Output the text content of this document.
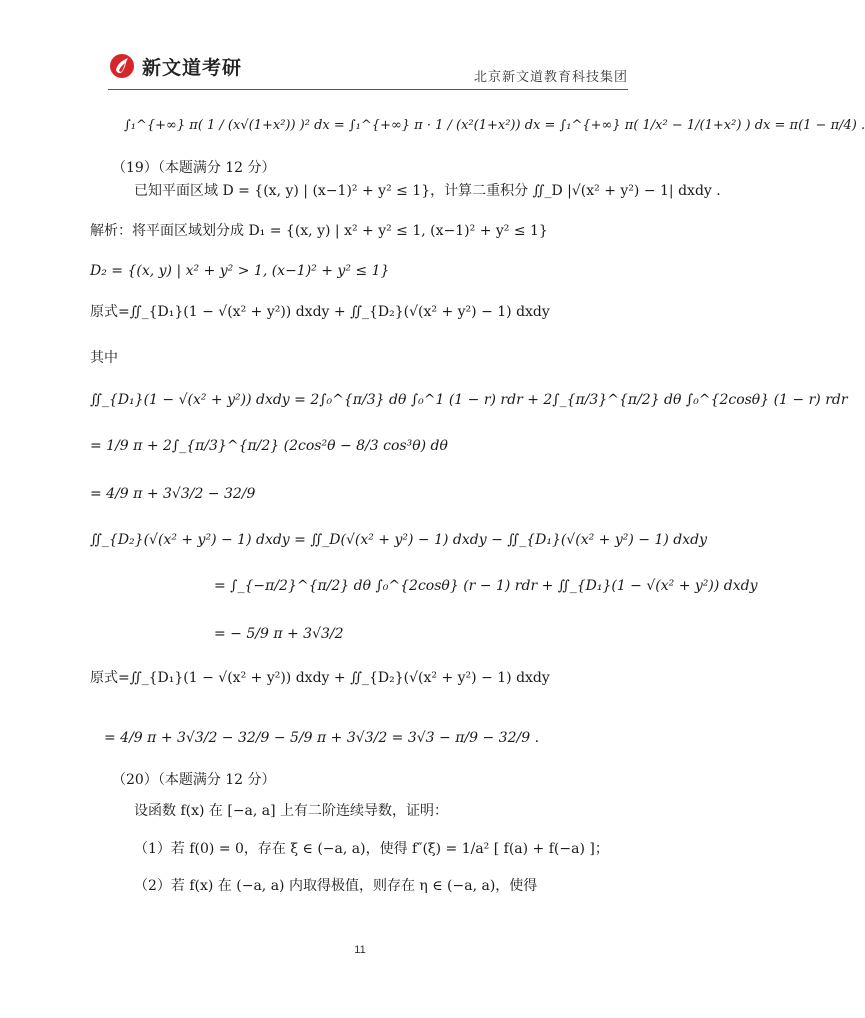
新文道考研	北京新文道教育科技集团
∫₁^{+∞} π( 1 / (x√(1+x²)) )² dx = ∫₁^{+∞} π · 1 / (x²(1+x²)) dx = ∫₁^{+∞} π( 1/x² − 1/(1+x²) ) dx = π(1 − π/4) .
（19）（本题满分 12 分）
已知平面区域 D = {(x, y) | (x−1)² + y² ≤ 1}，计算二重积分 ∬_D |√(x² + y²) − 1| dxdy .
解析：将平面区域划分成 D₁ = {(x, y) | x² + y² ≤ 1, (x−1)² + y² ≤ 1}
D₂ = {(x, y) | x² + y² > 1, (x−1)² + y² ≤ 1}
原式=∬_{D₁}(1 − √(x² + y²)) dxdy + ∬_{D₂}(√(x² + y²) − 1) dxdy
其中
∬_{D₁}(1 − √(x² + y²)) dxdy = 2∫₀^{π/3} dθ ∫₀^1 (1 − r) rdr + 2∫_{π/3}^{π/2} dθ ∫₀^{2cosθ} (1 − r) rdr
= 1/9 π + 2∫_{π/3}^{π/2} (2cos²θ − 8/3 cos³θ) dθ
= 4/9 π + 3√3/2 − 32/9
∬_{D₂}(√(x² + y²) − 1) dxdy = ∬_D(√(x² + y²) − 1) dxdy − ∬_{D₁}(√(x² + y²) − 1) dxdy
= ∫_{−π/2}^{π/2} dθ ∫₀^{2cosθ} (r − 1) rdr + ∬_{D₁}(1 − √(x² + y²)) dxdy
= − 5/9 π + 3√3/2
原式=∬_{D₁}(1 − √(x² + y²)) dxdy + ∬_{D₂}(√(x² + y²) − 1) dxdy
= 4/9 π + 3√3/2 − 32/9 − 5/9 π + 3√3/2 = 3√3 − π/9 − 32/9 .
（20）（本题满分 12 分）
设函数 f(x) 在 [−a, a] 上有二阶连续导数，证明：
（1）若 f(0) = 0，存在 ξ ∈ (−a, a)，使得 f″(ξ) = 1/a² [ f(a) + f(−a) ]；
（2）若 f(x) 在 (−a, a) 内取得极值，则存在 η ∈ (−a, a)，使得
11
